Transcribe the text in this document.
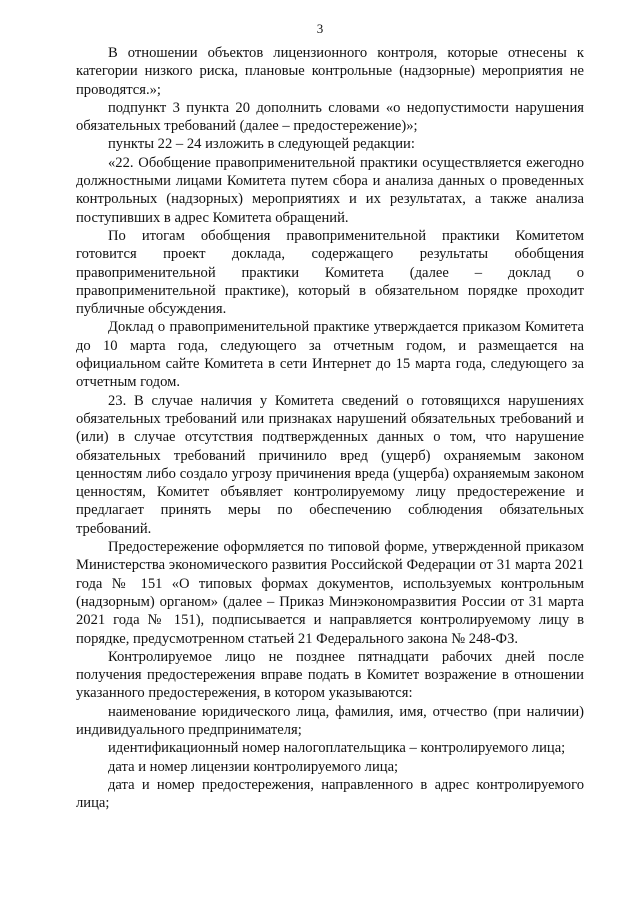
3

В отношении объектов лицензионного контроля, которые отнесены к категории низкого риска, плановые контрольные (надзорные) мероприятия не проводятся.»;

подпункт 3 пункта 20 дополнить словами «о недопустимости нарушения обязательных требований (далее – предостережение)»;

пункты 22 – 24 изложить в следующей редакции:

«22. Обобщение правоприменительной практики осуществляется ежегодно должностными лицами Комитета путем сбора и анализа данных о проведенных контрольных (надзорных) мероприятиях и их результатах, а также анализа поступивших в адрес Комитета обращений.

По итогам обобщения правоприменительной практики Комитетом готовится проект доклада, содержащего результаты обобщения правоприменительной практики Комитета (далее – доклад о правоприменительной практике), который в обязательном порядке проходит публичные обсуждения.

Доклад о правоприменительной практике утверждается приказом Комитета до 10 марта года, следующего за отчетным годом, и размещается на официальном сайте Комитета в сети Интернет до 15 марта года, следующего за отчетным годом.

23. В случае наличия у Комитета сведений о готовящихся нарушениях обязательных требований или признаках нарушений обязательных требований и (или) в случае отсутствия подтвержденных данных о том, что нарушение обязательных требований причинило вред (ущерб) охраняемым законом ценностям либо создало угрозу причинения вреда (ущерба) охраняемым законом ценностям, Комитет объявляет контролируемому лицу предостережение и предлагает принять меры по обеспечению соблюдения обязательных требований.

Предостережение оформляется по типовой форме, утвержденной приказом Министерства экономического развития Российской Федерации от 31 марта 2021 года № 151 «О типовых формах документов, используемых контрольным (надзорным) органом» (далее – Приказ Минэкономразвития России от 31 марта 2021 года № 151), подписывается и направляется контролируемому лицу в порядке, предусмотренном статьей 21 Федерального закона № 248-ФЗ.

Контролируемое лицо не позднее пятнадцати рабочих дней после получения предостережения вправе подать в Комитет возражение в отношении указанного предостережения, в котором указываются:

наименование юридического лица, фамилия, имя, отчество (при наличии) индивидуального предпринимателя;

идентификационный номер налогоплательщика – контролируемого лица;

дата и номер лицензии контролируемого лица;

дата и номер предостережения, направленного в адрес контролируемого лица;
